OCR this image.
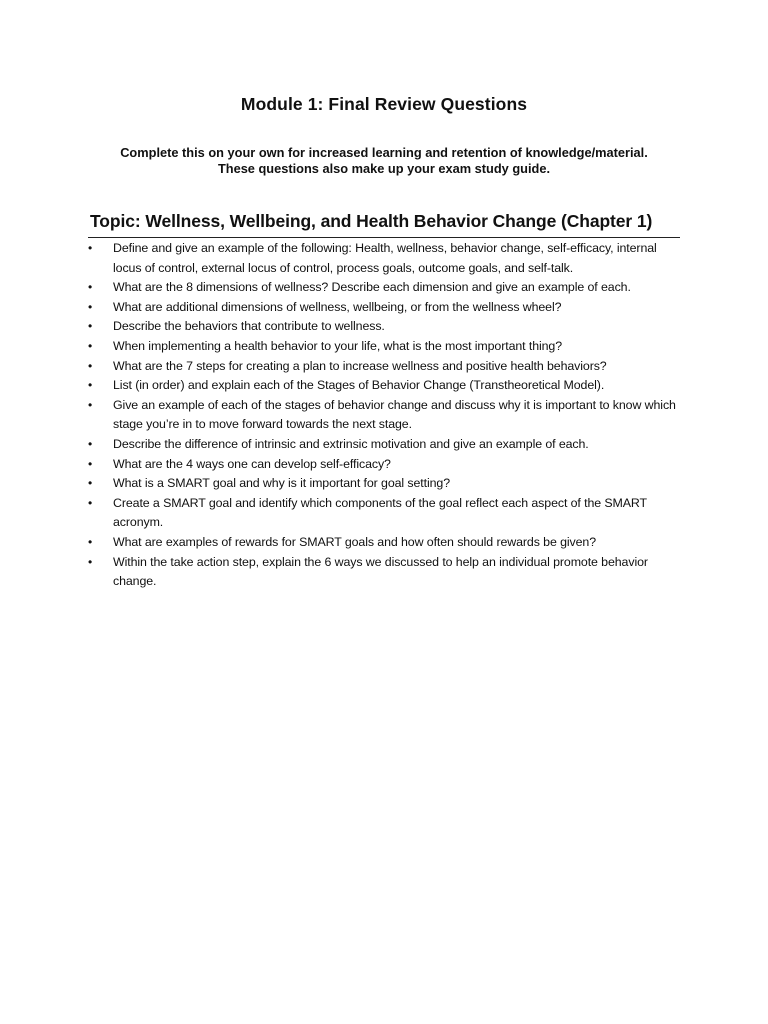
Module 1: Final Review Questions
Complete this on your own for increased learning and retention of knowledge/material.
These questions also make up your exam study guide.
Topic: Wellness, Wellbeing, and Health Behavior Change (Chapter 1)
• Define and give an example of the following: Health, wellness, behavior change, self-efficacy, internal locus of control, external locus of control, process goals, outcome goals, and self-talk.
• What are the 8 dimensions of wellness? Describe each dimension and give an example of each.
• What are additional dimensions of wellness, wellbeing, or from the wellness wheel?
• Describe the behaviors that contribute to wellness.
• When implementing a health behavior to your life, what is the most important thing?
• What are the 7 steps for creating a plan to increase wellness and positive health behaviors?
• List (in order) and explain each of the Stages of Behavior Change (Transtheoretical Model).
• Give an example of each of the stages of behavior change and discuss why it is important to know which stage you’re in to move forward towards the next stage.
• Describe the difference of intrinsic and extrinsic motivation and give an example of each.
• What are the 4 ways one can develop self-efficacy?
• What is a SMART goal and why is it important for goal setting?
• Create a SMART goal and identify which components of the goal reflect each aspect of the SMART acronym.
• What are examples of rewards for SMART goals and how often should rewards be given?
• Within the take action step, explain the 6 ways we discussed to help an individual promote behavior change.
